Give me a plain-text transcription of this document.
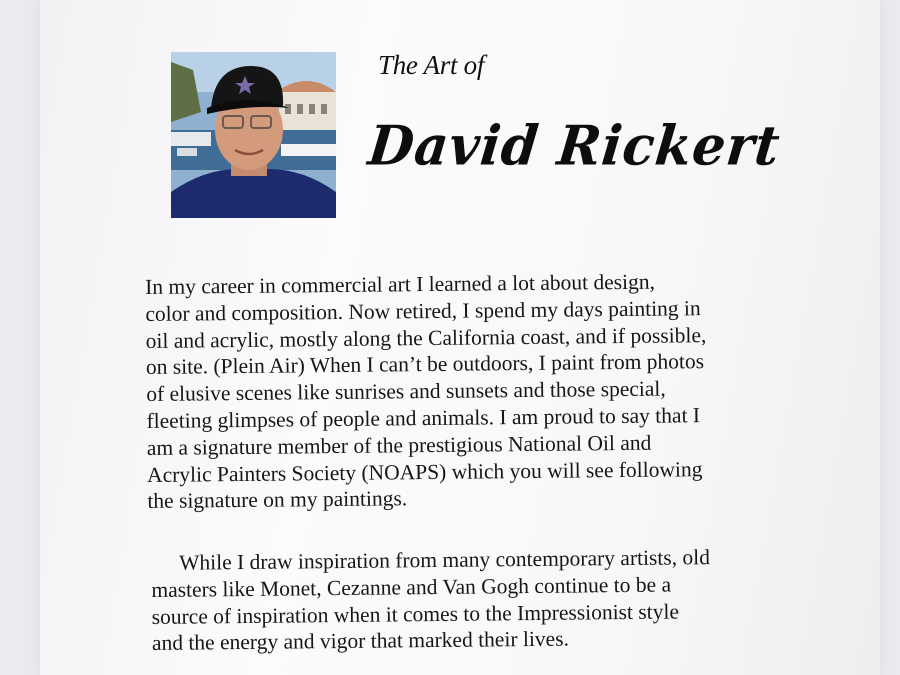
The Art of
David Rickert
In my career in commercial art I learned a lot about design,
color and composition. Now retired, I spend my days painting in
oil and acrylic, mostly along the California coast, and if possible,
on site. (Plein Air) When I can’t be outdoors, I paint from photos
of elusive scenes like sunrises and sunsets and those special,
fleeting glimpses of people and animals. I am proud to say that I
am a signature member of the prestigious National Oil and
Acrylic Painters Society (NOAPS) which you will see following
the signature on my paintings.
While I draw inspiration from many contemporary artists, old
masters like Monet, Cezanne and Van Gogh continue to be a
source of inspiration when it comes to the Impressionist style
and the energy and vigor that marked their lives.
